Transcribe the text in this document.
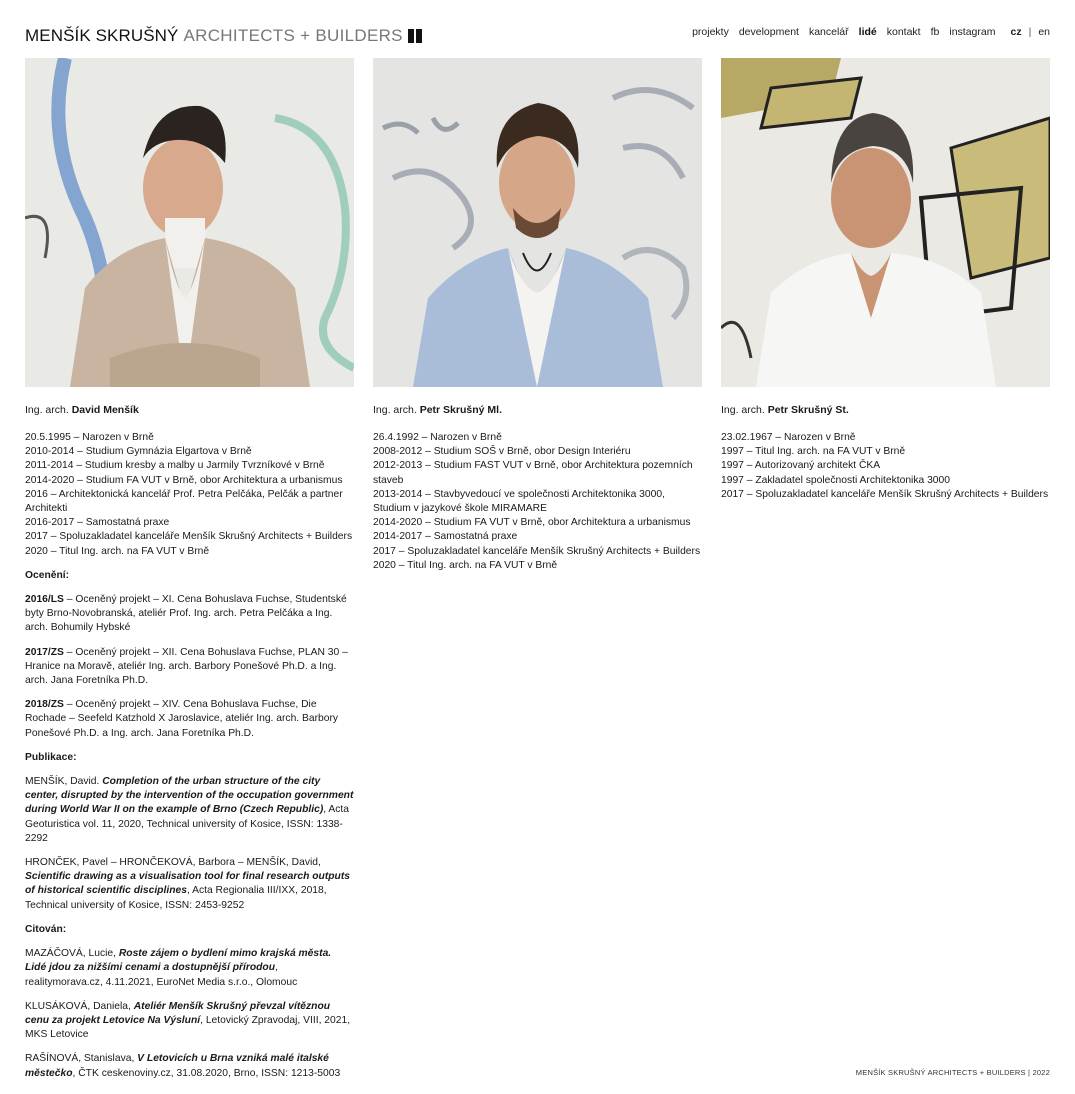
MENŠÍK SKRUŠNÝ ARCHITECTS + BUILDERS	projekty development kancelář lidé kontakt fb instagram cz | en
Ing. arch. David Menšík

20.5.1995 – Narozen v Brně

2010-2014 – Studium Gymnázia Elgartova v Brně

2011-2014 – Studium kresby a malby u Jarmily Tvrzníkové v Brně

2014-2020 – Studium FA VUT v Brně, obor Architektura a urbanismus

2016 – Architektonická kancelář Prof. Petra Pelčáka, Pelčák a partner Architekti

2016-2017 – Samostatná praxe

2017 – Spoluzakladatel kanceláře Menšík Skrušný Architects + Builders

2020 – Titul Ing. arch. na FA VUT v Brně

Ocenění:
2016/LS – Oceněný projekt – XI. Cena Bohuslava Fuchse, Studentské byty Brno-Novobranská, ateliér Prof. Ing. arch. Petra Pelčáka a Ing. arch. Bohumily Hybské
2017/ZS – Oceněný projekt – XII. Cena Bohuslava Fuchse, PLAN 30 – Hranice na Moravě, ateliér Ing. arch. Barbory Ponešové Ph.D. a Ing. arch. Jana Foretníka Ph.D.
2018/ZS – Oceněný projekt – XIV. Cena Bohuslava Fuchse, Die Rochade – Seefeld Katzhold X Jaroslavice, ateliér Ing. arch. Barbory Ponešové Ph.D. a Ing. arch. Jana Foretníka Ph.D.
Publikace:
MENŠÍK, David. Completion of the urban structure of the city center, disrupted by the intervention of the occupation government during World War II on the example of Brno (Czech Republic), Acta Geoturistica vol. 11, 2020, Technical university of Kosice, ISSN: 1338-2292
HRONČEK, Pavel – HRONČEKOVÁ, Barbora – MENŠÍK, David, Scientific drawing as a visualisation tool for final research outputs of historical scientific disciplines, Acta Regionalia III/IXX, 2018, Technical university of Kosice, ISSN: 2453-9252
Citován:
MAZÁČOVÁ, Lucie, Roste zájem o bydlení mimo krajská města. Lidé jdou za nižšími cenami a dostupnější přírodou, realitymorava.cz, 4.11.2021, EuroNet Media s.r.o., Olomouc
KLUSÁKOVÁ, Daniela, Ateliér Menšík Skrušný převzal vítěznou cenu za projekt Letovice Na Výsluní, Letovický Zpravodaj, VIII, 2021, MKS Letovice
RAŠÍNOVÁ, Stanislava, V Letovicích u Brna vzniká malé italské městečko, ČTK ceskenoviny.cz, 31.08.2020, Brno, ISSN: 1213-5003
Ing. arch. Petr Skrušný Ml.

26.4.1992 – Narozen v Brně

2008-2012 – Studium SOŠ v Brně, obor Design Interiéru

2012-2013 – Studium FAST VUT v Brně, obor Architektura pozemních staveb

2013-2014 – Stavbyvedoucí ve společnosti Architektonika 3000, Studium v jazykové škole MIRAMARE

2014-2020 – Studium FA VUT v Brně, obor Architektura a urbanismus

2014-2017 – Samostatná praxe

2017 – Spoluzakladatel kanceláře Menšík Skrušný Architects + Builders

2020 – Titul Ing. arch. na FA VUT v Brně

Ing. arch. Petr Skrušný St.

23.02.1967 – Narozen v Brně

1997 – Titul Ing. arch. na FA VUT v Brně

1997 – Autorizovaný architekt ČKA

1997 – Zakladatel společnosti Architektonika 3000

2017 – Spoluzakladatel kanceláře Menšík Skrušný Architects + Builders

MENŠÍK SKRUŠNÝ ARCHITECTS + BUILDERS | 2022
